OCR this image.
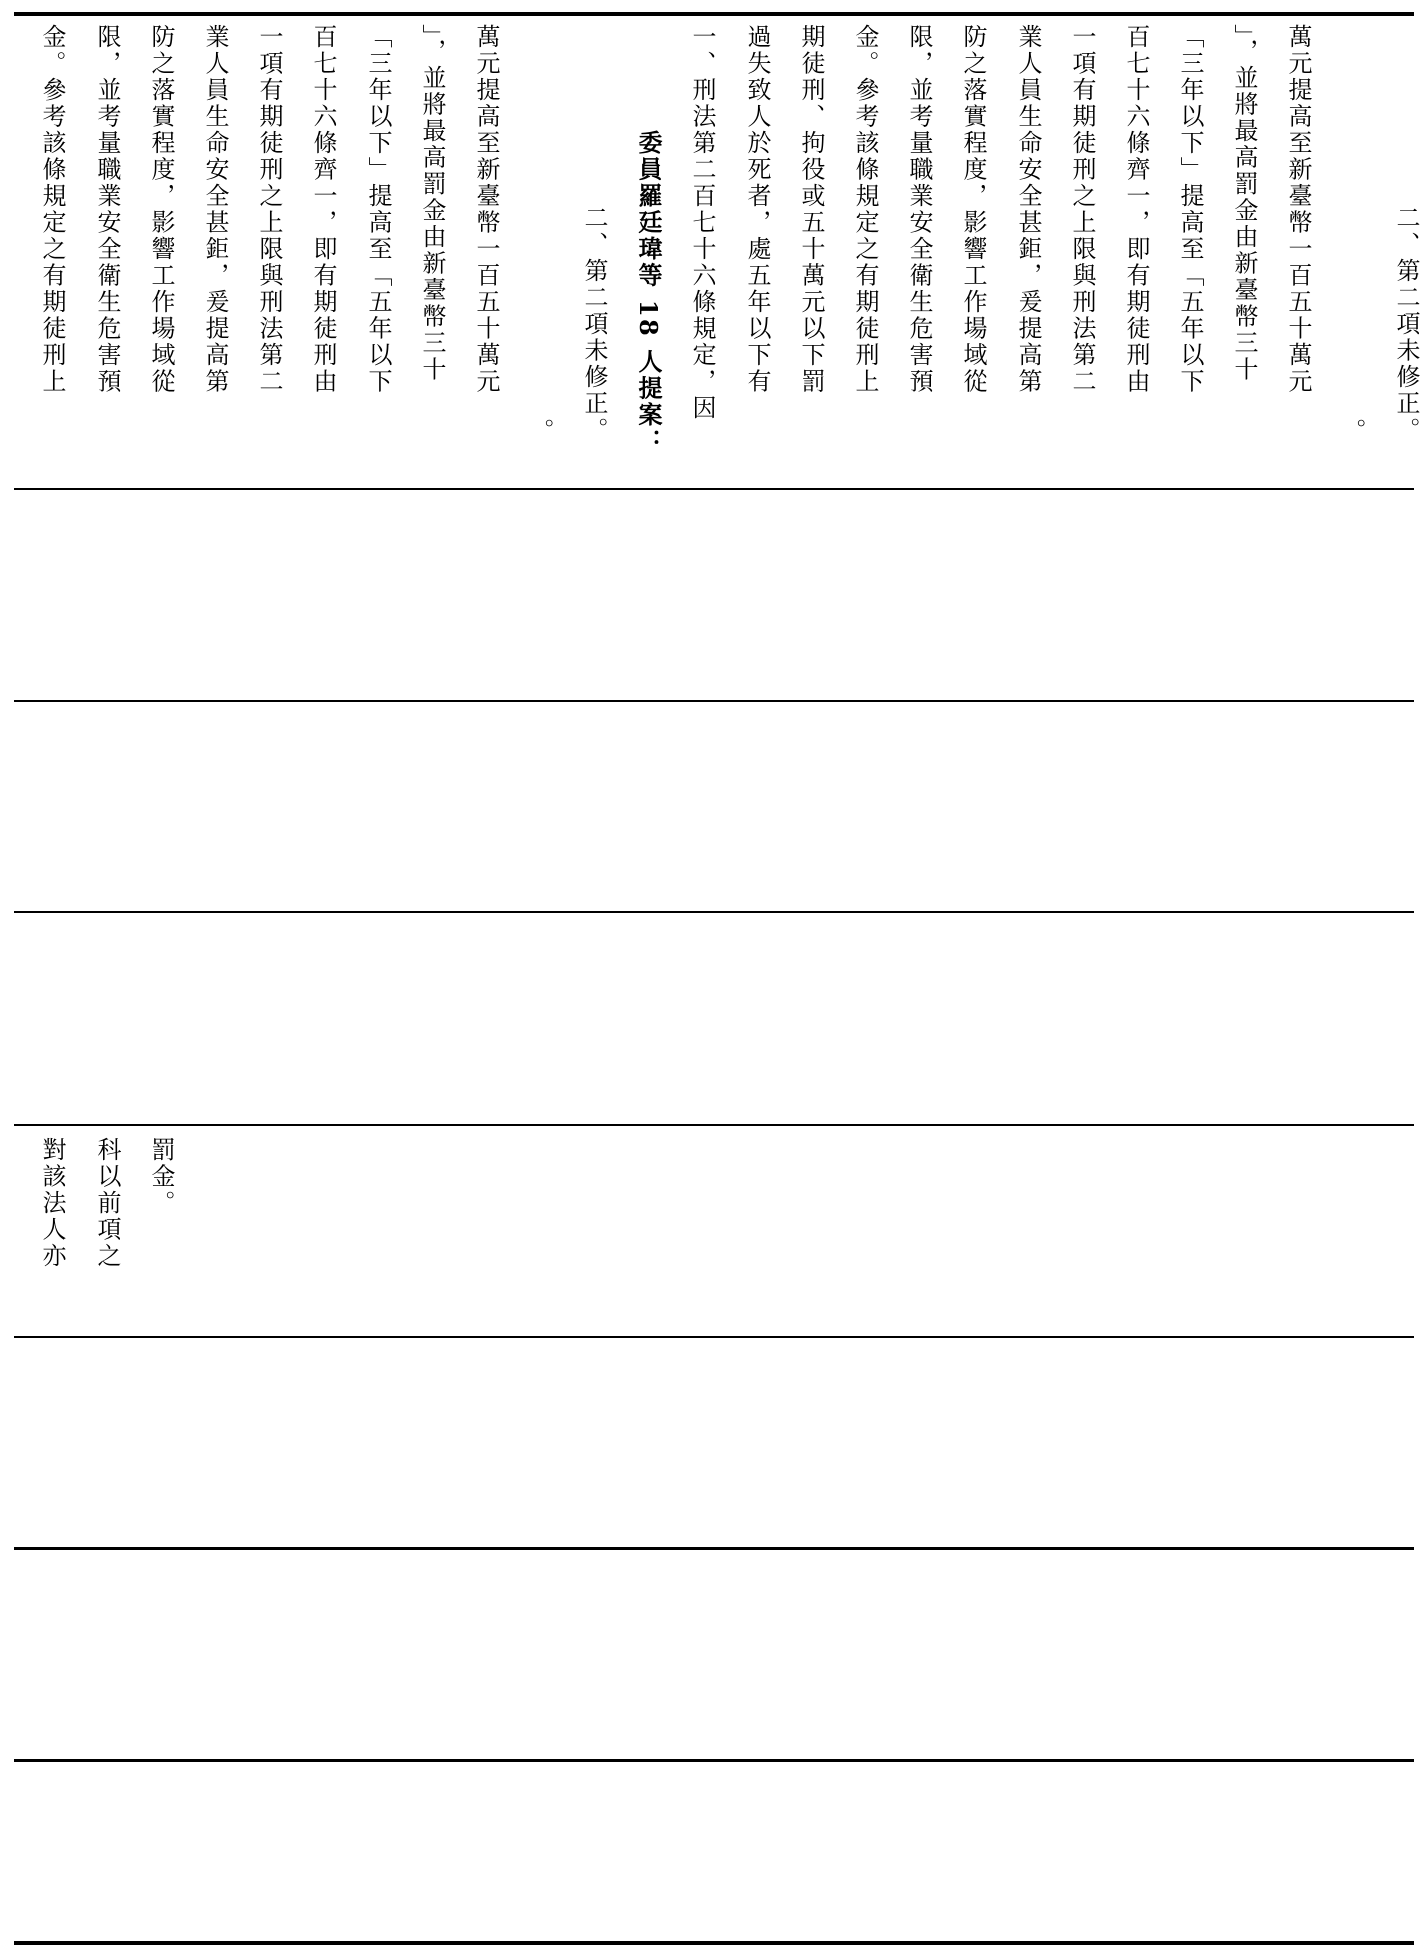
金。參考該條規定之有期徒刑上 限，並考量職業安全衛生危害預 防之落實程度，影響工作場域從 業人員生命安全甚鉅，爰提高第 一項有期徒刑之上限與刑法第二 百七十六條齊一，即有期徒刑由 「三年以下」提高至「五年以下 」，並將最高罰金由新臺幣三十 萬元提高至新臺幣一百五十萬元
。 二、第二項未修正。 委員羅廷瑋等 18 人提案： 一、刑法第二百七十六條規定，因 過失致人於死者，處五年以下有 期徒刑、拘役或五十萬元以下罰 金。參考該條規定之有期徒刑上 限，並考量職業安全衛生危害預 防之落實程度，影響工作場域從 業人員生命安全甚鉅，爰提高第 一項有期徒刑之上限與刑法第二 百七十六條齊一，即有期徒刑由 「三年以下」提高至「五年以下 」，並將最高罰金由新臺幣三十 萬元提高至新臺幣一百五十萬元
。 二、第二項未修正。
對該法人亦 科以前項之 罰金。
